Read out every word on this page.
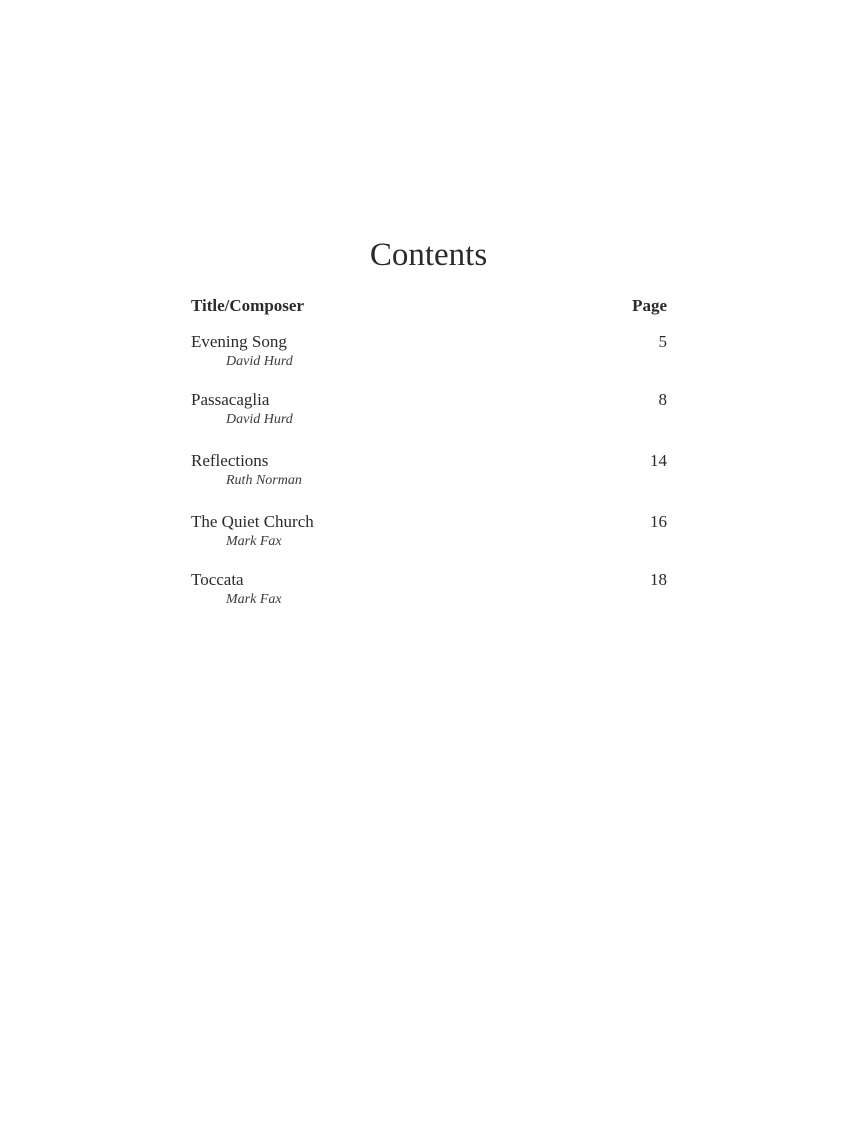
Contents
Title/Composer	Page
Evening Song	5
David Hurd
Passacaglia	8
David Hurd
Reflections	14
Ruth Norman
The Quiet Church	16
Mark Fax
Toccata	18
Mark Fax
